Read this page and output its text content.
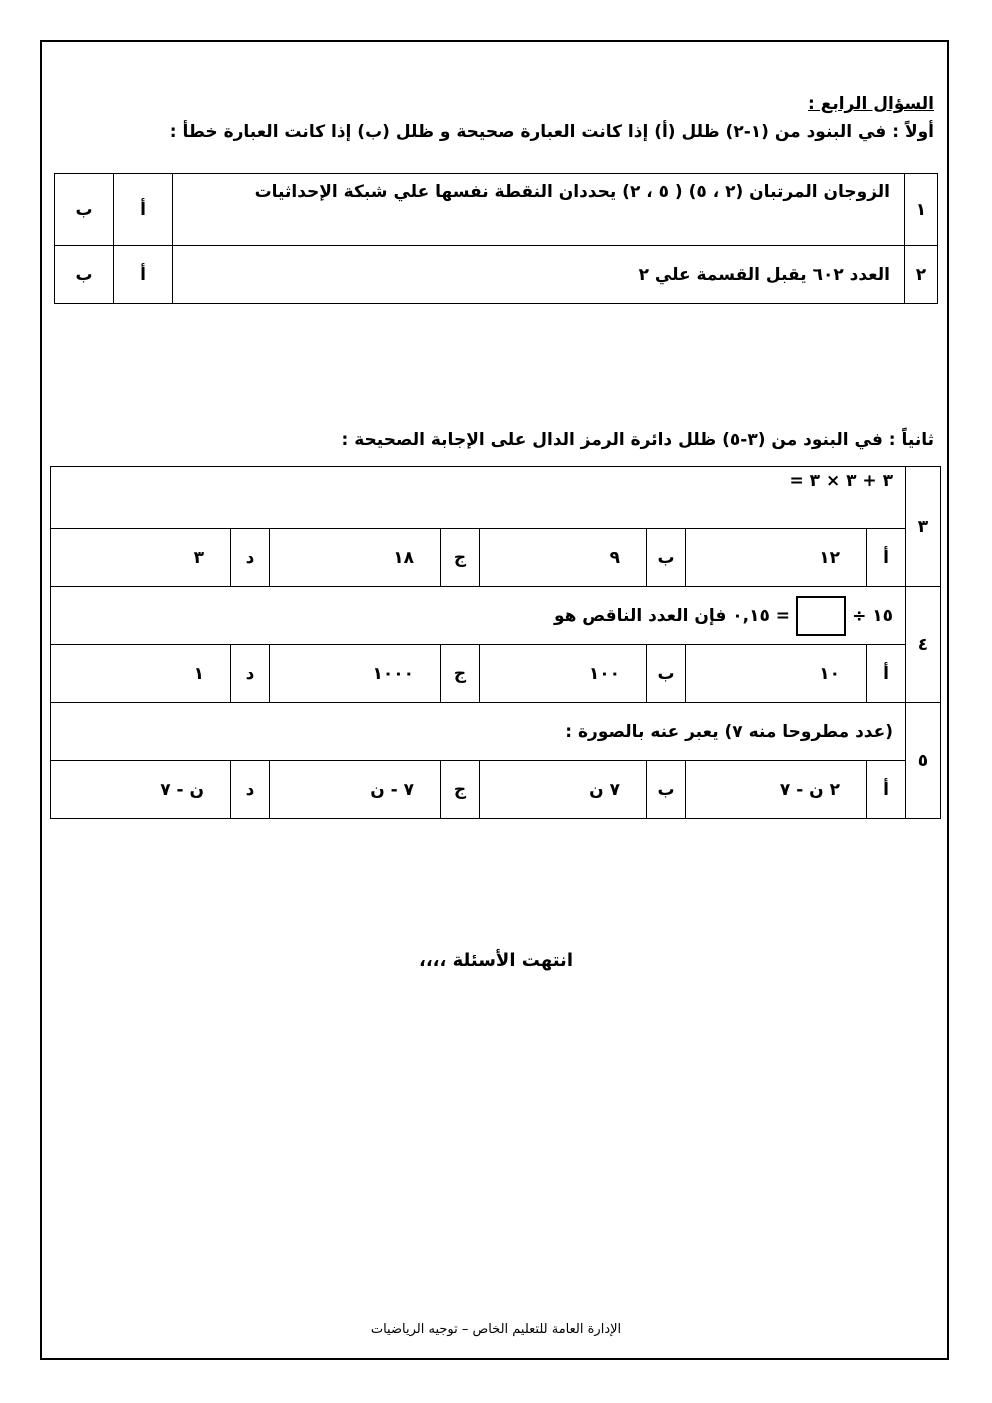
السؤال الرابع :
أولاً : في البنود من (١-٢) ظلل (أ) إذا كانت العبارة صحيحة و ظلل (ب) إذا كانت العبارة خطأ :
١	الزوجان المرتبان (٢ ، ٥) ( ٥ ، ٢) يحددان النقطة نفسها علي شبكة الإحداثيات	أ	ب
٢	العدد ٦٠٢ يقبل القسمة علي ٢	أ	ب
ثانياً : في البنود من (٣-٥) ظلل دائرة الرمز الدال على الإجابة الصحيحة :
٣	٣ + ٣ × ٣ =							
	أ	١٢	ب	٩	ج	١٨	د	٣
٤	١٥ ÷= ٠,١٥ فإن العدد الناقص هو							
	أ	١٠	ب	١٠٠	ج	١٠٠٠	د	١
٥	(عدد مطروحا منه ٧) يعبر عنه بالصورة :							
	أ	٢ ن - ٧	ب	٧ ن	ج	٧ - ن	د	ن - ٧
انتهت الأسئلة ،،،،
الإدارة العامة للتعليم الخاص – توجيه الرياضيات
